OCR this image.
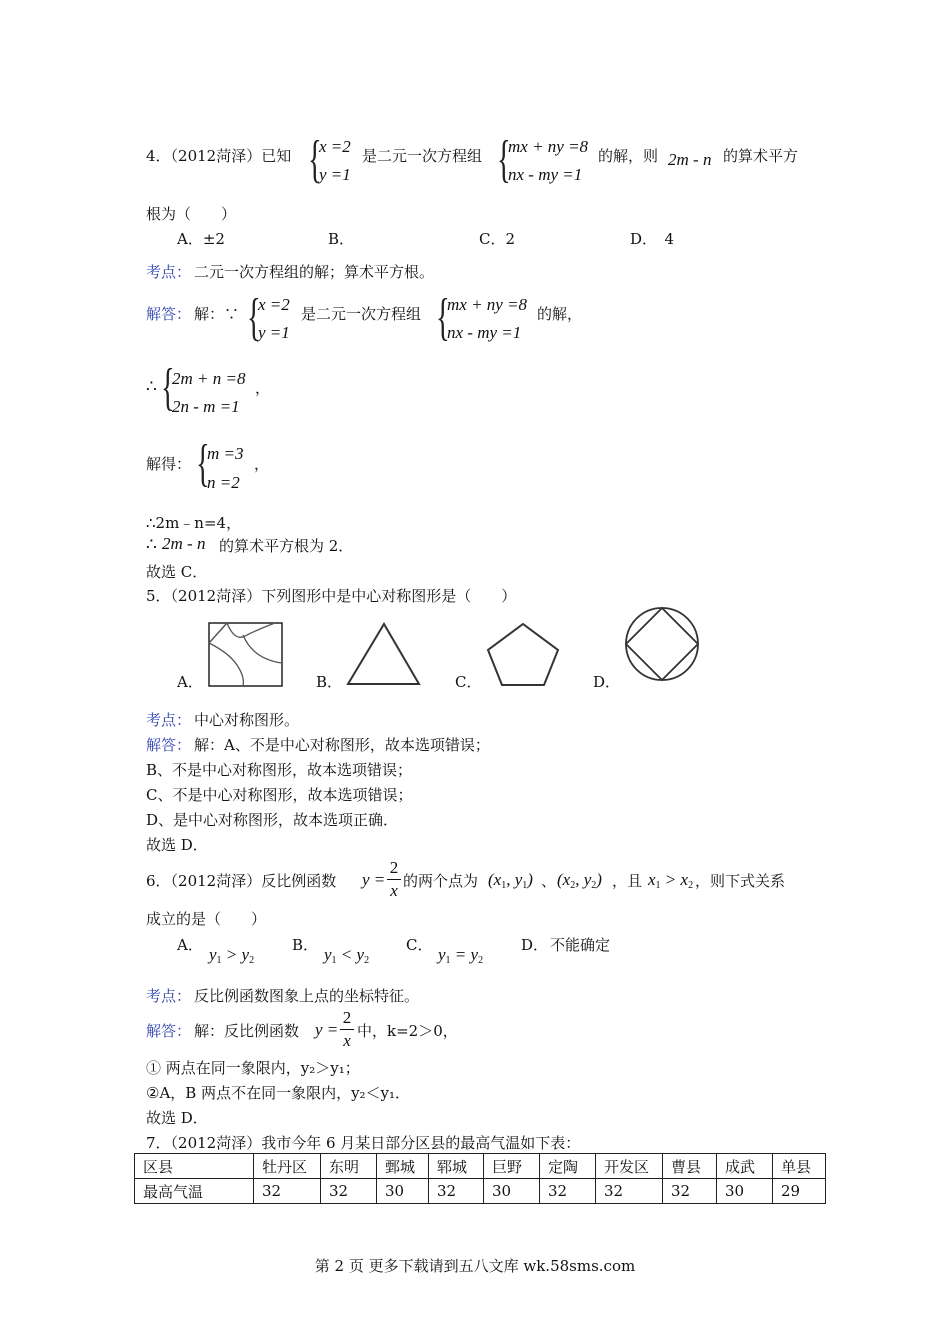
4．（2012菏泽）已知 {
x =2
y =1
是二元一次方程组 {
mx + ny =8
nx - my =1
的解，则 2m - n 的算术平方
根为（　　）
A．±2	B．	C．2	D．　4
考点： 二元一次方程组的解；算术平方根。
解答： 解：∵ {
x =2
y =1
是二元一次方程组 {
mx + ny =8
nx - my =1
的解，
∴ {
2m + n =8
2n - m =1
，
解得： {
m =3
n =2
，
∴2m﹣n=4，
∴ 2m - n 的算术平方根为 2．
故选 C．
5．（2012菏泽）下列图形中是中心对称图形是（　　）
A．	B．	C．	D．
考点： 中心对称图形。
解答： 解：A、不是中心对称图形，故本选项错误；
B、不是中心对称图形，故本选项错误；
C、不是中心对称图形，故本选项错误；
D、是中心对称图形，故本选项正确．
故选 D．
6．（2012菏泽）反比例函数 y =
2
x 的两个点为 ($x_1$, $y_1$) 、 ($x_2$, $y_2$) ，且 $x_1 > x_2$ ，则下式关系
成立的是（　　）
A． $y_1 > y_2$
B． $y_1 < y_2$
C． $y_1 = y_2$
D． 不能确定
考点： 反比例函数图象上点的坐标特征。
解答： 解：反比例函数 y =
2
x 中，k=2＞0，
① 两点在同一象限内，y₂＞y₁；
②A，B 两点不在同一象限内，y₂＜y₁．
故选 D．
7．（2012菏泽）我市今年 6 月某日部分区县的最高气温如下表：
区县	牡丹区	东明	鄄城	郓城	巨野	定陶	开发区	曹县	成武	单县
最高气温	32	32	30	32	30	32	32	32	30	29
第 2 页 更多下载请到五八文库 wk.58sms.com
